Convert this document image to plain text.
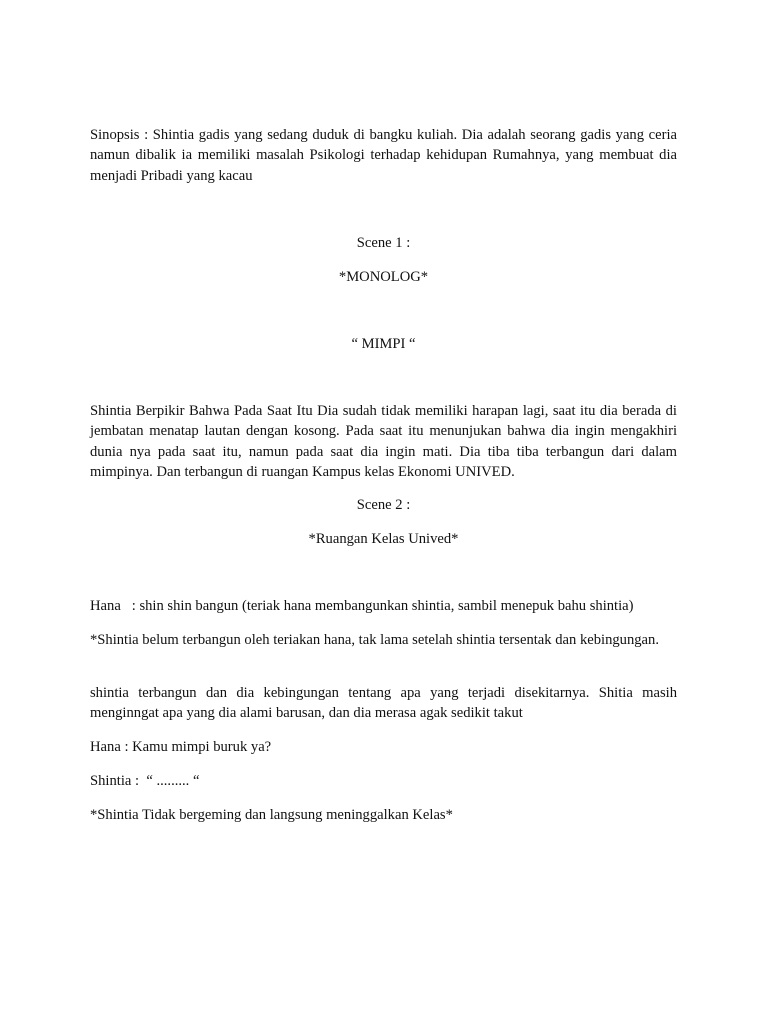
Sinopsis : Shintia gadis yang sedang duduk di bangku kuliah. Dia adalah seorang gadis yang ceria namun dibalik ia memiliki masalah Psikologi terhadap kehidupan Rumahnya, yang membuat dia menjadi Pribadi yang kacau

Scene 1 :

*MONOLOG*

“ MIMPI “

Shintia Berpikir Bahwa Pada Saat Itu Dia sudah tidak memiliki harapan lagi, saat itu dia berada di jembatan menatap lautan dengan kosong. Pada saat itu menunjukan bahwa dia ingin mengakhiri dunia nya pada saat itu, namun pada saat dia ingin mati. Dia tiba tiba terbangun dari dalam mimpinya. Dan terbangun di ruangan Kampus kelas Ekonomi UNIVED.

Scene 2 :

*Ruangan Kelas Unived*

Hana   : shin shin bangun (teriak hana membangunkan shintia, sambil menepuk bahu shintia)

*Shintia belum terbangun oleh teriakan hana, tak lama setelah shintia tersentak dan kebingungan.

shintia terbangun dan dia kebingungan tentang apa yang terjadi disekitarnya. Shitia masih menginngat apa yang dia alami barusan, dan dia merasa agak sedikit takut

Hana : Kamu mimpi buruk ya?

Shintia :  “ ......... “

*Shintia Tidak bergeming dan langsung meninggalkan Kelas*
